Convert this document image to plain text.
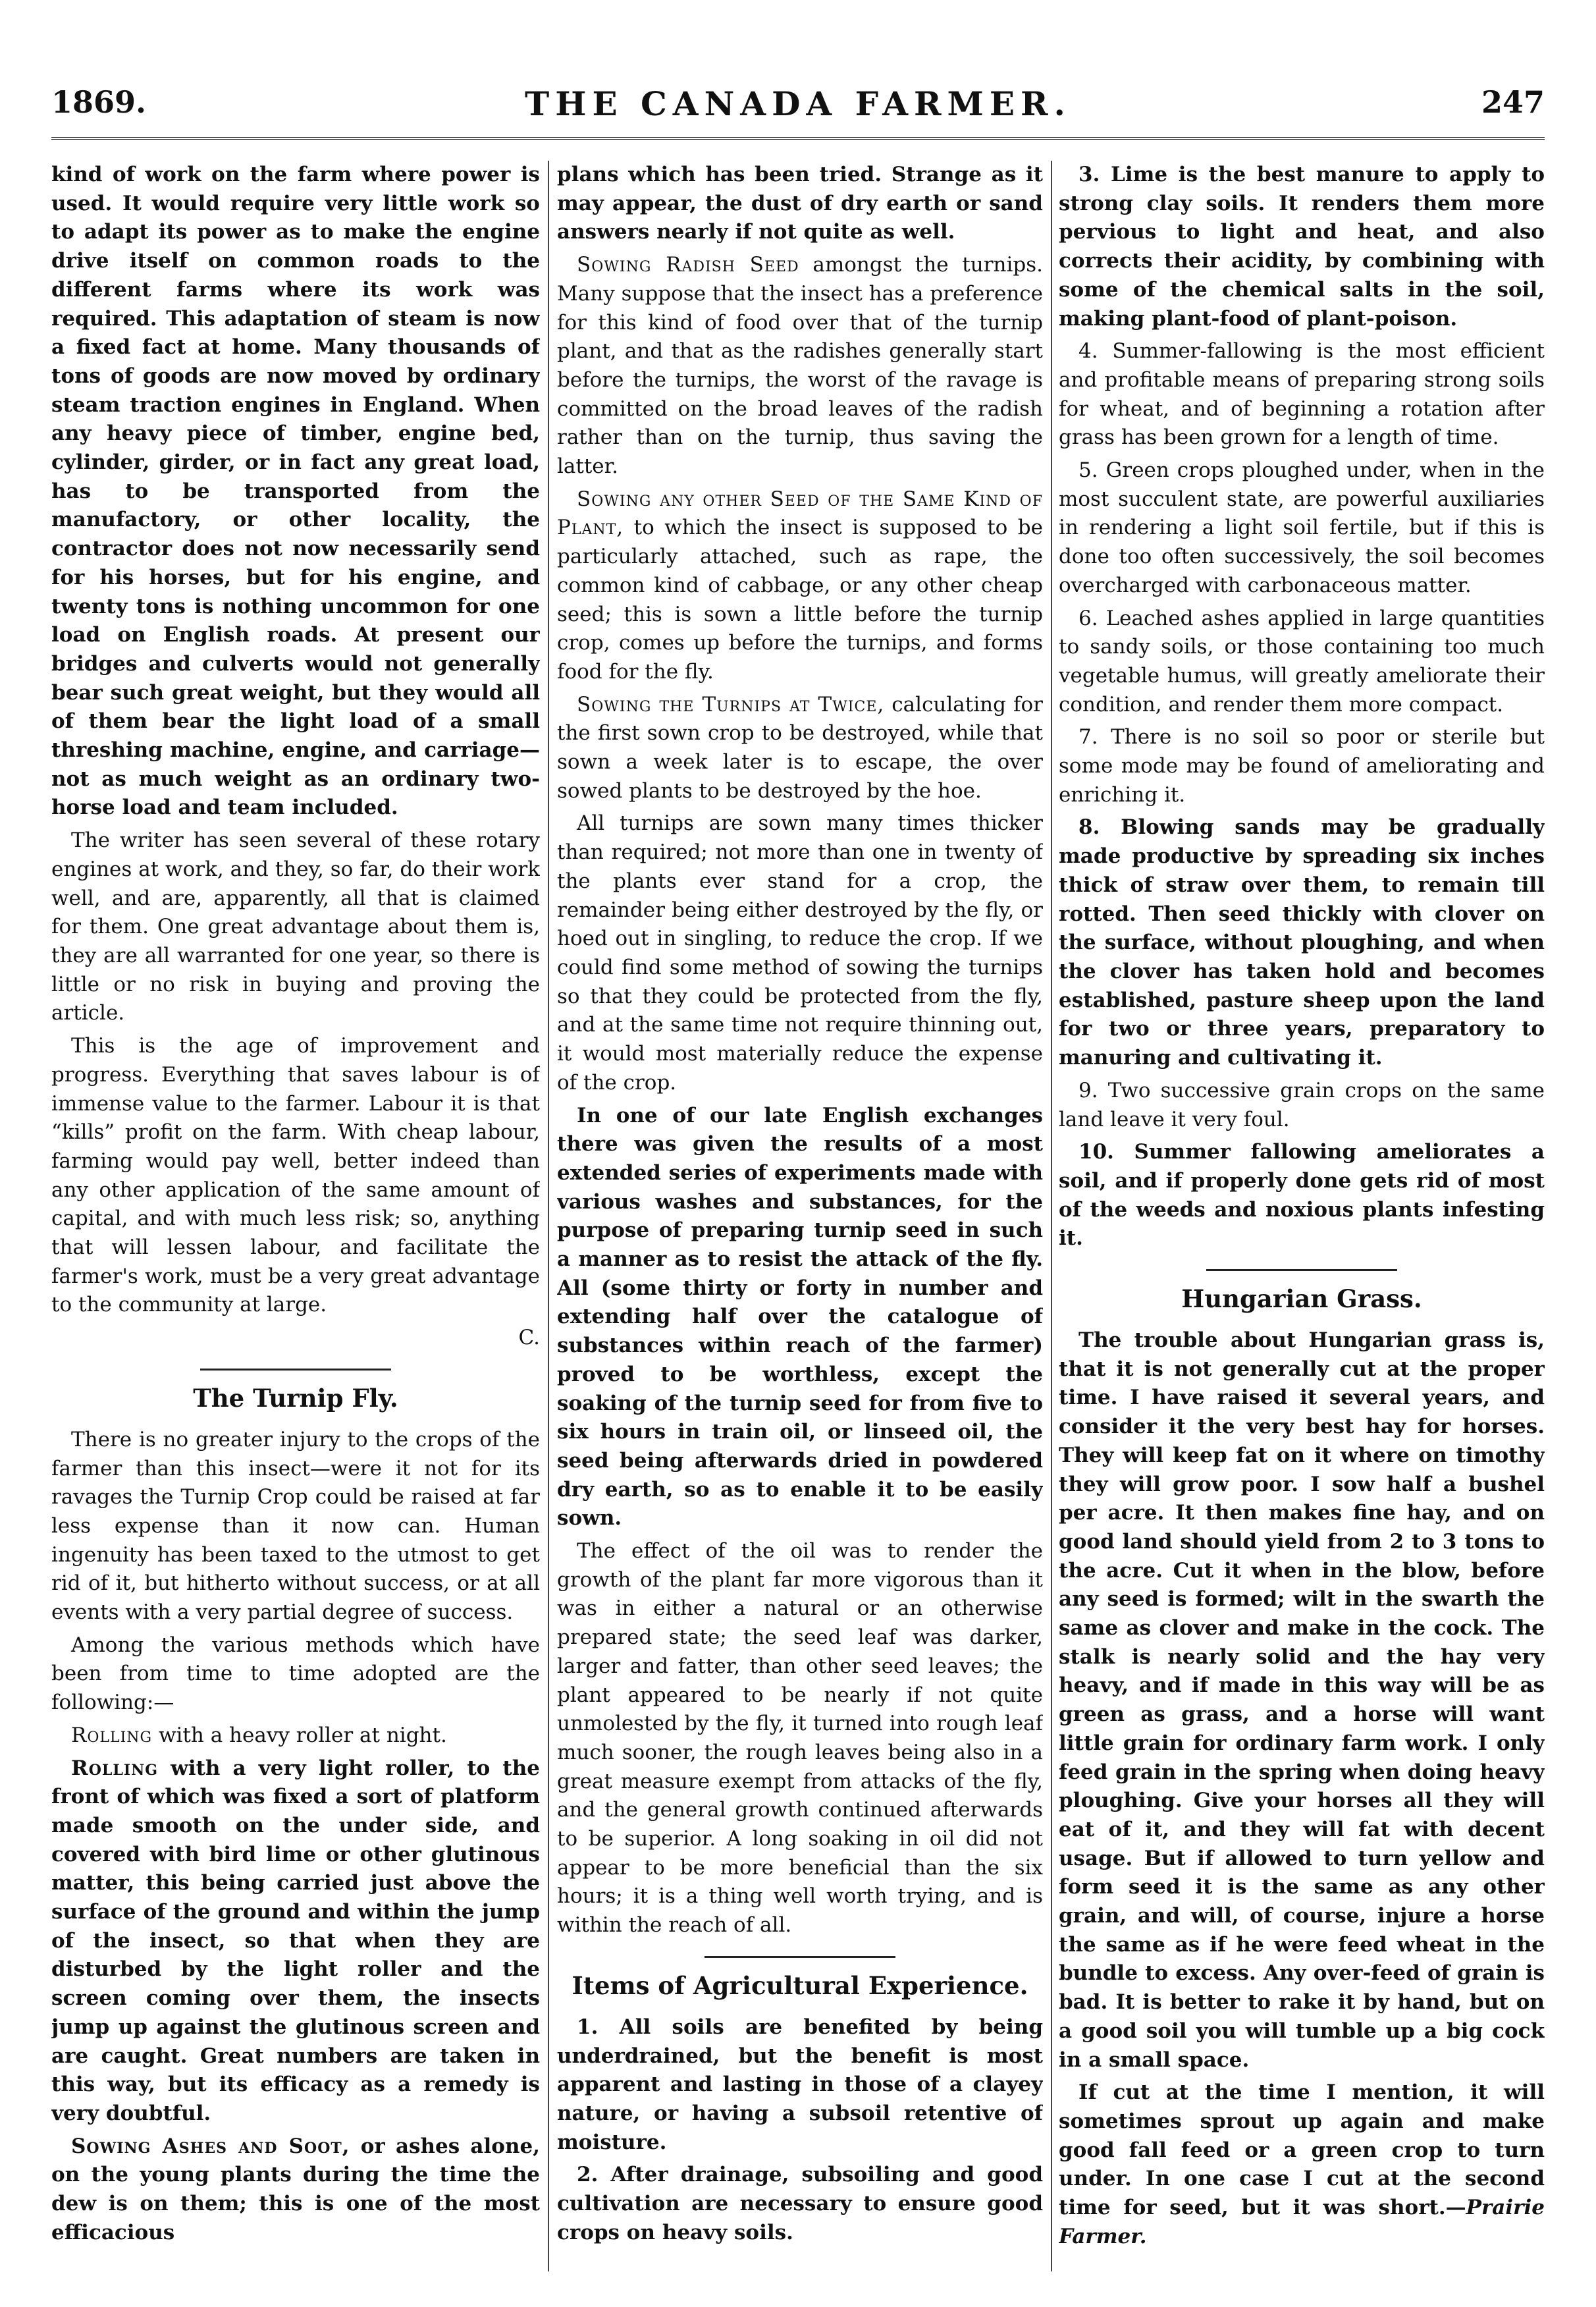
THE CANADA FARMER.
1869.	247

kind of work on the farm where power is used. It would require very little work so to adapt its power as to make the engine drive itself on common roads to the different farms where its work was required. This adaptation of steam is now a fixed fact at home. Many thousands of tons of goods are now moved by ordinary steam traction engines in England. When any heavy piece of timber, engine bed, cylinder, girder, or in fact any great load, has to be transported from the manufactory, or other locality, the contractor does not now necessarily send for his horses, but for his engine, and twenty tons is nothing uncommon for one load on English roads. At present our bridges and culverts would not generally bear such great weight, but they would all of them bear the light load of a small threshing machine, engine, and carriage—not as much weight as an ordinary two-horse load and team included.

The writer has seen several of these rotary engines at work, and they, so far, do their work well, and are, apparently, all that is claimed for them. One great advantage about them is, they are all warranted for one year, so there is little or no risk in buying and proving the article.

This is the age of improvement and progress. Everything that saves labour is of immense value to the farmer. Labour it is that “kills” profit on the farm. With cheap labour, farming would pay well, better indeed than any other application of the same amount of capital, and with much less risk; so, anything that will lessen labour, and facilitate the farmer's work, must be a very great advantage to the community at large.

C.

The Turnip Fly.

There is no greater injury to the crops of the farmer than this insect—were it not for its ravages the Turnip Crop could be raised at far less expense than it now can. Human ingenuity has been taxed to the utmost to get rid of it, but hitherto without success, or at all events with a very partial degree of success.

Among the various methods which have been from time to time adopted are the following:—

Rolling with a heavy roller at night.

Rolling with a very light roller, to the front of which was fixed a sort of platform made smooth on the under side, and covered with bird lime or other glutinous matter, this being carried just above the surface of the ground and within the jump of the insect, so that when they are disturbed by the light roller and the screen coming over them, the insects jump up against the glutinous screen and are caught. Great numbers are taken in this way, but its efficacy as a remedy is very doubtful.

Sowing Ashes and Soot, or ashes alone, on the young plants during the time the dew is on them; this is one of the most efficacious

plans which has been tried. Strange as it may appear, the dust of dry earth or sand answers nearly if not quite as well.

Sowing Radish Seed amongst the turnips. Many suppose that the insect has a preference for this kind of food over that of the turnip plant, and that as the radishes generally start before the turnips, the worst of the ravage is committed on the broad leaves of the radish rather than on the turnip, thus saving the latter.

Sowing any other Seed of the Same Kind of Plant, to which the insect is supposed to be particularly attached, such as rape, the common kind of cabbage, or any other cheap seed; this is sown a little before the turnip crop, comes up before the turnips, and forms food for the fly.

Sowing the Turnips at Twice, calculating for the first sown crop to be destroyed, while that sown a week later is to escape, the over sowed plants to be destroyed by the hoe.

All turnips are sown many times thicker than required; not more than one in twenty of the plants ever stand for a crop, the remainder being either destroyed by the fly, or hoed out in singling, to reduce the crop. If we could find some method of sowing the turnips so that they could be protected from the fly, and at the same time not require thinning out, it would most materially reduce the expense of the crop.

In one of our late English exchanges there was given the results of a most extended series of experiments made with various washes and substances, for the purpose of preparing turnip seed in such a manner as to resist the attack of the fly. All (some thirty or forty in number and extending half over the catalogue of substances within reach of the farmer) proved to be worthless, except the soaking of the turnip seed for from five to six hours in train oil, or linseed oil, the seed being afterwards dried in powdered dry earth, so as to enable it to be easily sown.

The effect of the oil was to render the growth of the plant far more vigorous than it was in either a natural or an otherwise prepared state; the seed leaf was darker, larger and fatter, than other seed leaves; the plant appeared to be nearly if not quite unmolested by the fly, it turned into rough leaf much sooner, the rough leaves being also in a great measure exempt from attacks of the fly, and the general growth continued afterwards to be superior. A long soaking in oil did not appear to be more beneficial than the six hours; it is a thing well worth trying, and is within the reach of all.

Items of Agricultural Experience.

1. All soils are benefited by being underdrained, but the benefit is most apparent and lasting in those of a clayey nature, or having a subsoil retentive of moisture.

2. After drainage, subsoiling and good cultivation are necessary to ensure good crops on heavy soils.

3. Lime is the best manure to apply to strong clay soils. It renders them more pervious to light and heat, and also corrects their acidity, by combining with some of the chemical salts in the soil, making plant-food of plant-poison.

4. Summer-fallowing is the most efficient and profitable means of preparing strong soils for wheat, and of beginning a rotation after grass has been grown for a length of time.

5. Green crops ploughed under, when in the most succulent state, are powerful auxiliaries in rendering a light soil fertile, but if this is done too often successively, the soil becomes overcharged with carbonaceous matter.

6. Leached ashes applied in large quantities to sandy soils, or those containing too much vegetable humus, will greatly ameliorate their condition, and render them more compact.

7. There is no soil so poor or sterile but some mode may be found of ameliorating and enriching it.

8. Blowing sands may be gradually made productive by spreading six inches thick of straw over them, to remain till rotted. Then seed thickly with clover on the surface, without ploughing, and when the clover has taken hold and becomes established, pasture sheep upon the land for two or three years, preparatory to manuring and cultivating it.

9. Two successive grain crops on the same land leave it very foul.

10. Summer fallowing ameliorates a soil, and if properly done gets rid of most of the weeds and noxious plants infesting it.

Hungarian Grass.

The trouble about Hungarian grass is, that it is not generally cut at the proper time. I have raised it several years, and consider it the very best hay for horses. They will keep fat on it where on timothy they will grow poor. I sow half a bushel per acre. It then makes fine hay, and on good land should yield from 2 to 3 tons to the acre. Cut it when in the blow, before any seed is formed; wilt in the swarth the same as clover and make in the cock. The stalk is nearly solid and the hay very heavy, and if made in this way will be as green as grass, and a horse will want little grain for ordinary farm work. I only feed grain in the spring when doing heavy ploughing. Give your horses all they will eat of it, and they will fat with decent usage. But if allowed to turn yellow and form seed it is the same as any other grain, and will, of course, injure a horse the same as if he were feed wheat in the bundle to excess. Any over-feed of grain is bad. It is better to rake it by hand, but on a good soil you will tumble up a big cock in a small space.

If cut at the time I mention, it will sometimes sprout up again and make good fall feed or a green crop to turn under. In one case I cut at the second time for seed, but it was short.—Prairie Farmer.
